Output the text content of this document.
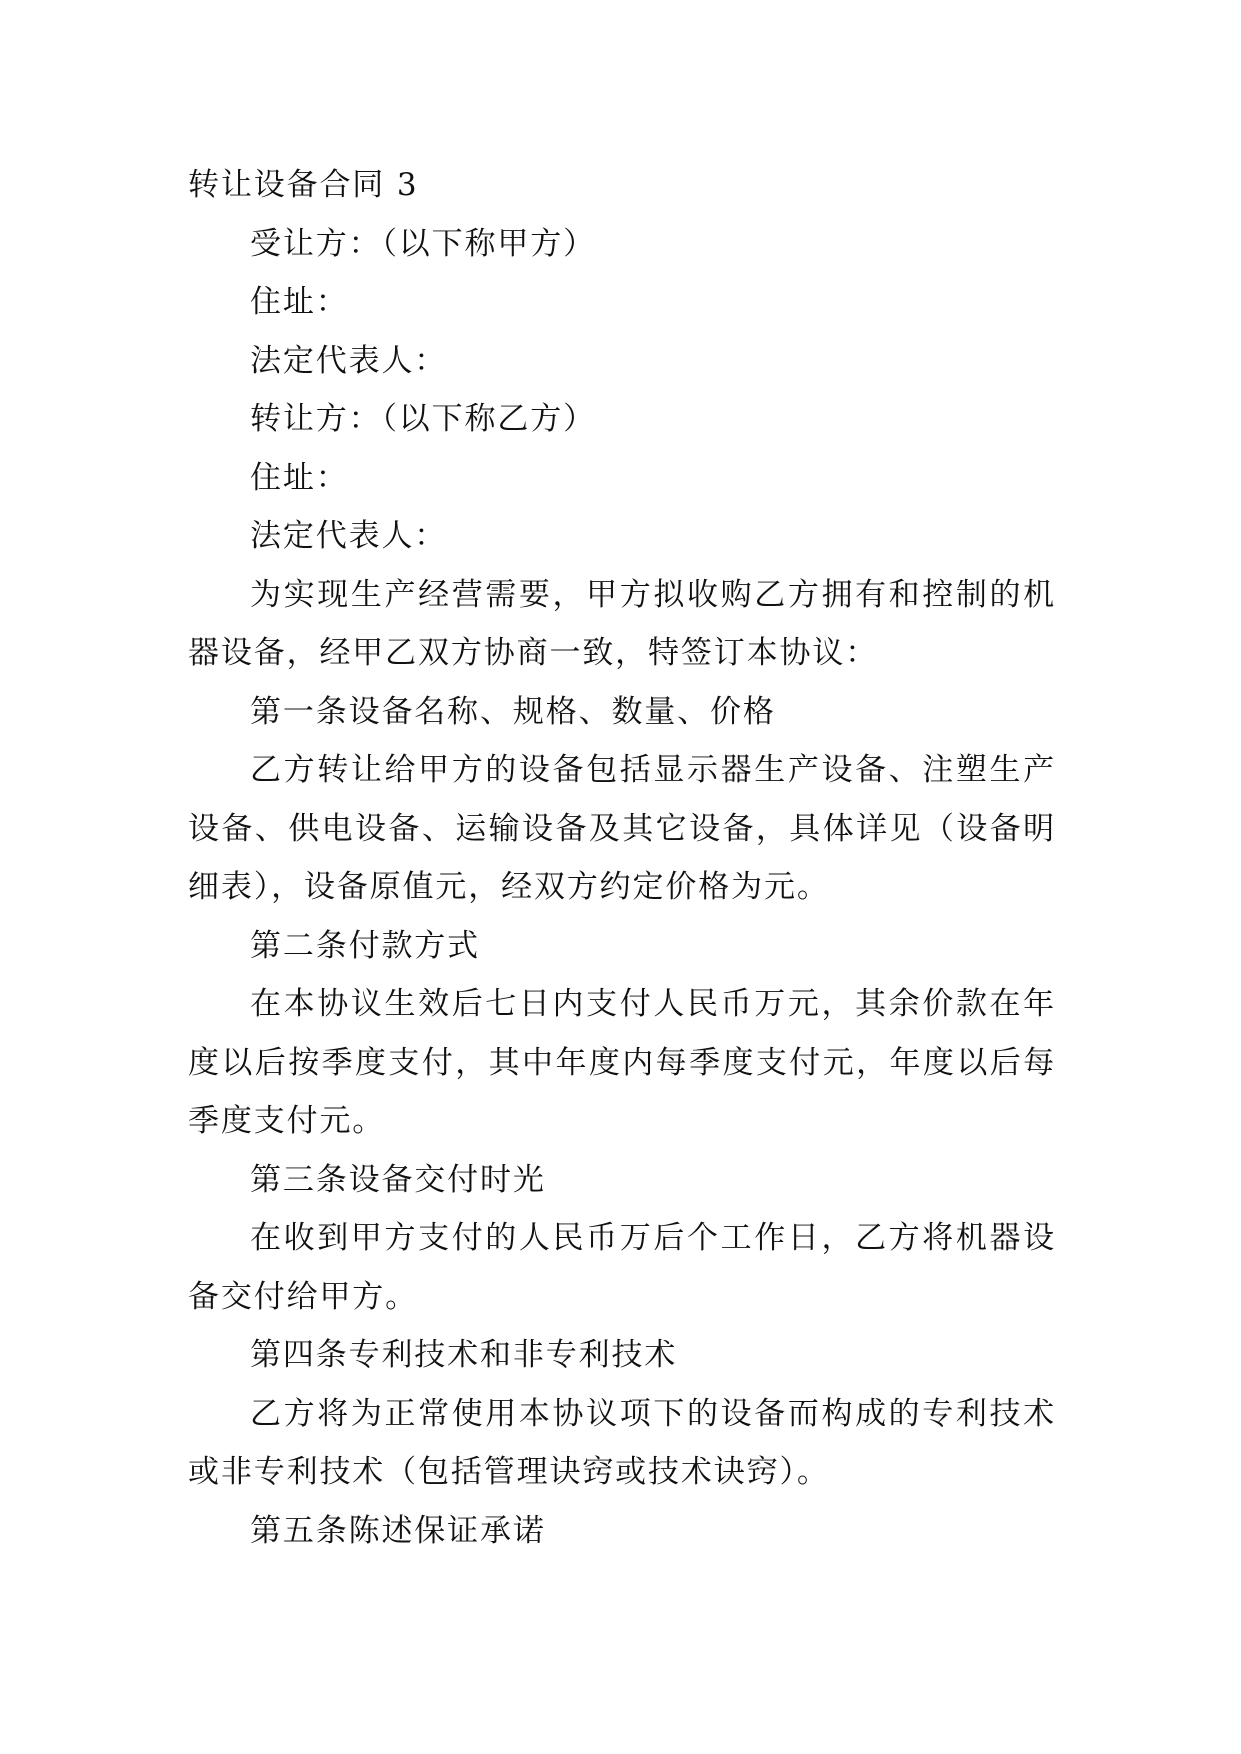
转让设备合同 3

受让方：（以下称甲方）

住址：

法定代表人：

转让方：（以下称乙方）

住址：

法定代表人：

为实现生产经营需要，甲方拟收购乙方拥有和控制的机器设备，经甲乙双方协商一致，特签订本协议：

第一条设备名称、规格、数量、价格

乙方转让给甲方的设备包括显示器生产设备、注塑生产设备、供电设备、运输设备及其它设备，具体详见（设备明细表），设备原值元，经双方约定价格为元。

第二条付款方式

在本协议生效后七日内支付人民币万元，其余价款在年度以后按季度支付，其中年度内每季度支付元，年度以后每季度支付元。

第三条设备交付时光

在收到甲方支付的人民币万后个工作日，乙方将机器设备交付给甲方。

第四条专利技术和非专利技术

乙方将为正常使用本协议项下的设备而构成的专利技术或非专利技术（包括管理诀窍或技术诀窍）。

第五条陈述保证承诺
